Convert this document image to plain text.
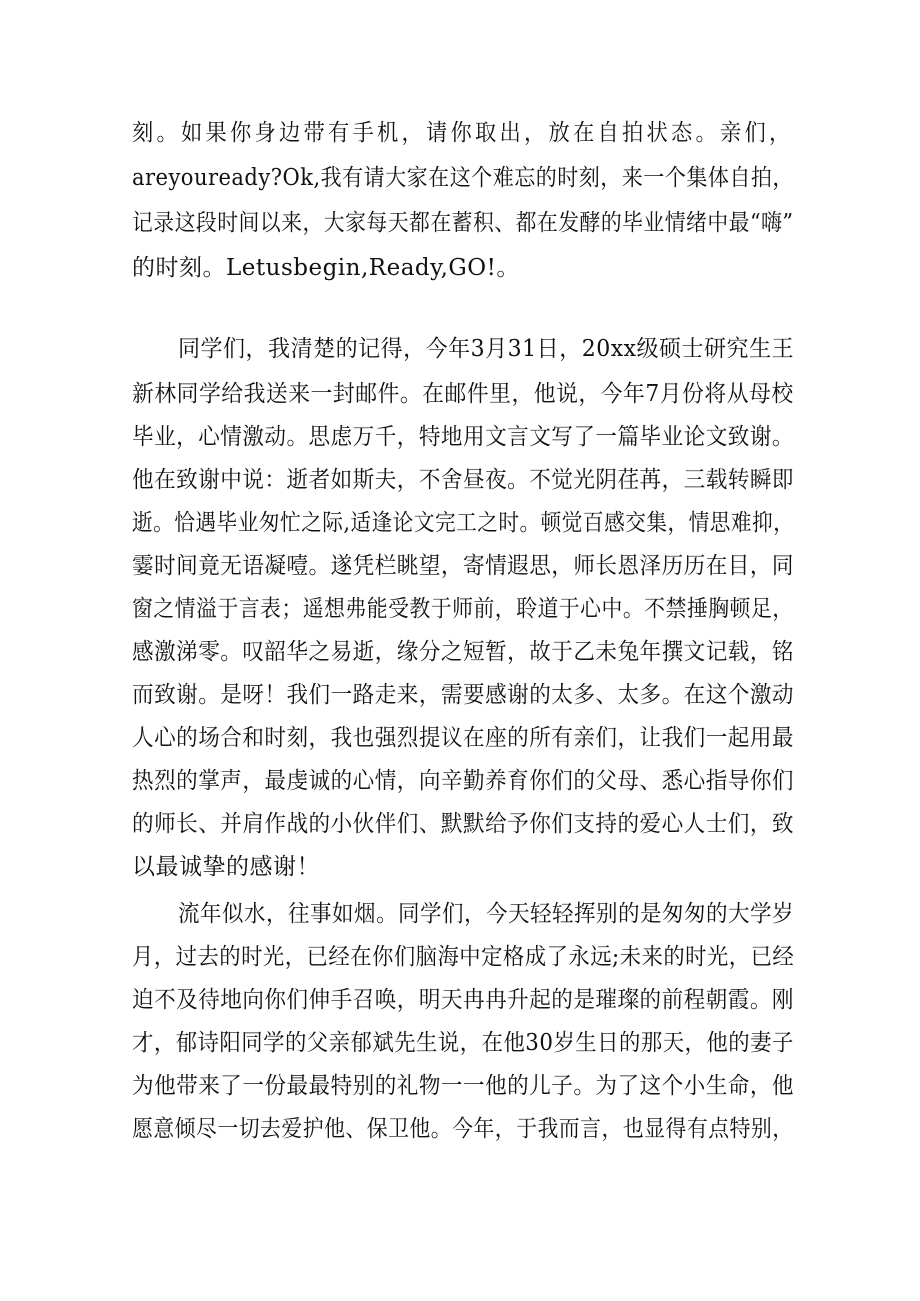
刻。如果你身边带有手机，请你取出，放在自拍状态。亲们，
areyouready?Ok,我有请大家在这个难忘的时刻，来一个集体自拍，
记录这段时间以来，大家每天都在蓄积、都在发酵的毕业情绪中最“嗨”
的时刻。Letusbegin,Ready,GO!。
同学们，我清楚的记得，今年3月31日，20xx级硕士研究生王
新林同学给我送来一封邮件。在邮件里，他说，今年7月份将从母校
毕业，心情激动。思虑万千，特地用文言文写了一篇毕业论文致谢。
他在致谢中说：逝者如斯夫，不舍昼夜。不觉光阴荏苒，三载转瞬即
逝。恰遇毕业匆忙之际,适逢论文完工之时。顿觉百感交集，情思难抑，
霎时间竟无语凝噎。遂凭栏眺望，寄情遐思，师长恩泽历历在目，同
窗之情溢于言表；遥想弗能受教于师前，聆道于心中。不禁捶胸顿足，
感激涕零。叹韶华之易逝，缘分之短暂，故于乙未兔年撰文记载，铭
而致谢。是呀！我们一路走来，需要感谢的太多、太多。在这个激动
人心的场合和时刻，我也强烈提议在座的所有亲们，让我们一起用最
热烈的掌声，最虔诚的心情，向辛勤养育你们的父母、悉心指导你们
的师长、并肩作战的小伙伴们、默默给予你们支持的爱心人士们，致
以最诚挚的感谢！
流年似水，往事如烟。同学们，今天轻轻挥别的是匆匆的大学岁
月，过去的时光，已经在你们脑海中定格成了永远;未来的时光，已经
迫不及待地向你们伸手召唤，明天冉冉升起的是璀璨的前程朝霞。刚
才，郁诗阳同学的父亲郁斌先生说，在他30岁生日的那天，他的妻子
为他带来了一份最最特别的礼物一一他的儿子。为了这个小生命，他
愿意倾尽一切去爱护他、保卫他。今年，于我而言，也显得有点特别，
